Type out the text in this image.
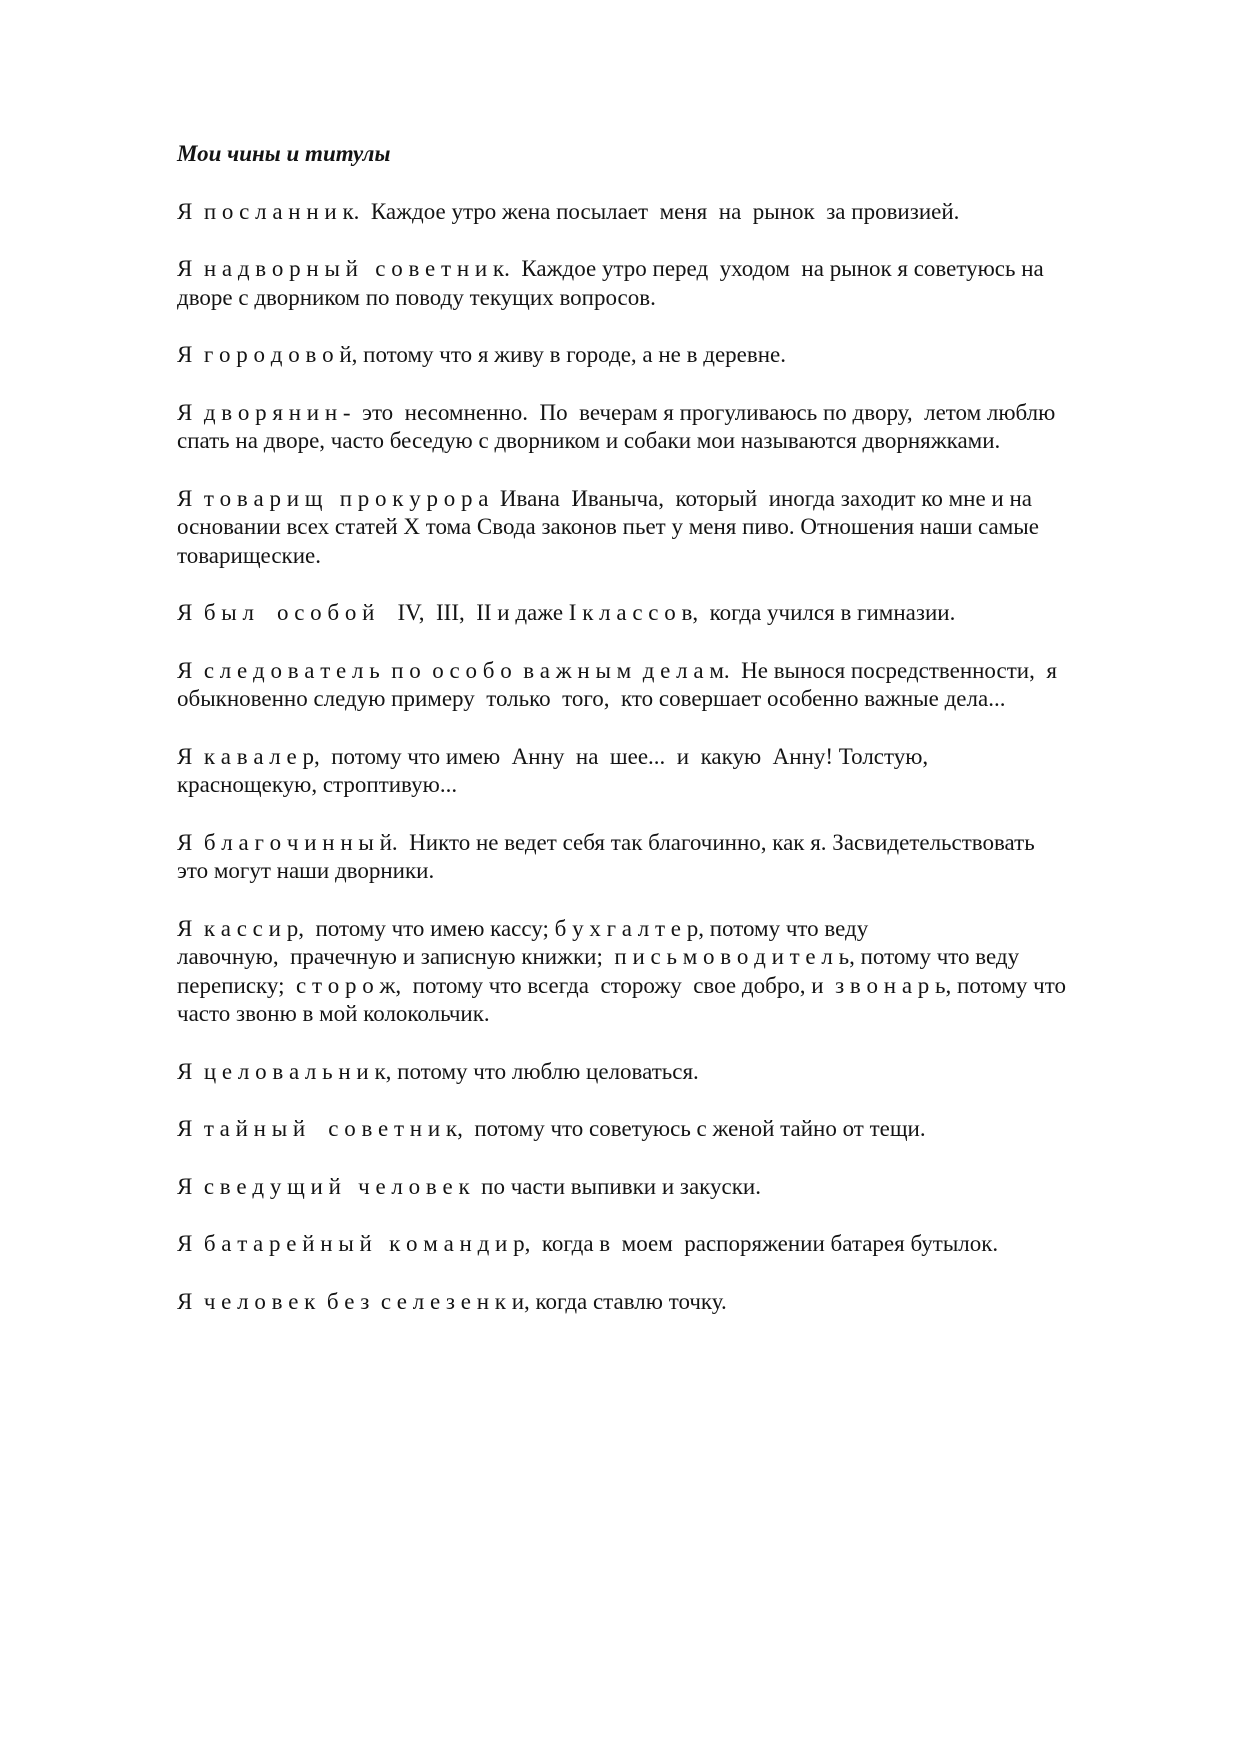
Мои чины и титулы
Я  п о с л а н н и к.  Каждое утро жена посылает  меня  на  рынок  за провизией.
Я  н а д в о р н ы й   с о в е т н и к.  Каждое утро перед  уходом  на рынок я советуюсь на
дворе с дворником по поводу текущих вопросов.
Я  г о р о д о в о й, потому что я живу в городе, а не в деревне.
Я  д в о р я н и н -  это  несомненно.  По  вечерам я прогуливаюсь по двору,  летом люблю
спать на дворе, часто беседую с дворником и собаки мои называются дворняжками.
Я  т о в а р и щ   п р о к у р о р а  Ивана  Иваныча,  который  иногда заходит ко мне и на
основании всех статей X тома Свода законов пьет у меня пиво. Отношения наши самые
товарищеские.
Я  б ы л    о с о б о й    IV,  III,  II и даже I к л а с с о в,  когда учился в гимназии.
Я  с л е д о в а т е л ь  п о  о с о б о  в а ж н ы м  д е л а м.  Не вынося посредственности,  я
обыкновенно следую примеру  только  того,  кто совершает особенно важные дела...
Я  к а в а л е р,  потому что имею  Анну  на  шее...  и  какую  Анну! Толстую,
краснощекую, строптивую...
Я  б л а г о ч и н н ы й.  Никто не ведет себя так благочинно, как я. Засвидетельствовать
это могут наши дворники.
Я  к а с с и р,  потому что имею кассу; б у х г а л т е р, потому что веду
лавочную,  прачечную и записную книжки;  п и с ь м о в о д и т е л ь, потому что веду
переписку;  с т о р о ж,  потому что всегда  сторожу  свое добро, и  з в о н а р ь, потому что
часто звоню в мой колокольчик.
Я  ц е л о в а л ь н и к, потому что люблю целоваться.
Я  т а й н ы й    с о в е т н и к,  потому что советуюсь с женой тайно от тещи.
Я  с в е д у щ и й   ч е л о в е к  по части выпивки и закуски.
Я  б а т а р е й н ы й   к о м а н д и р,  когда в  моем  распоряжении батарея бутылок.
Я  ч е л о в е к  б е з  с е л е з е н к и, когда ставлю точку.
